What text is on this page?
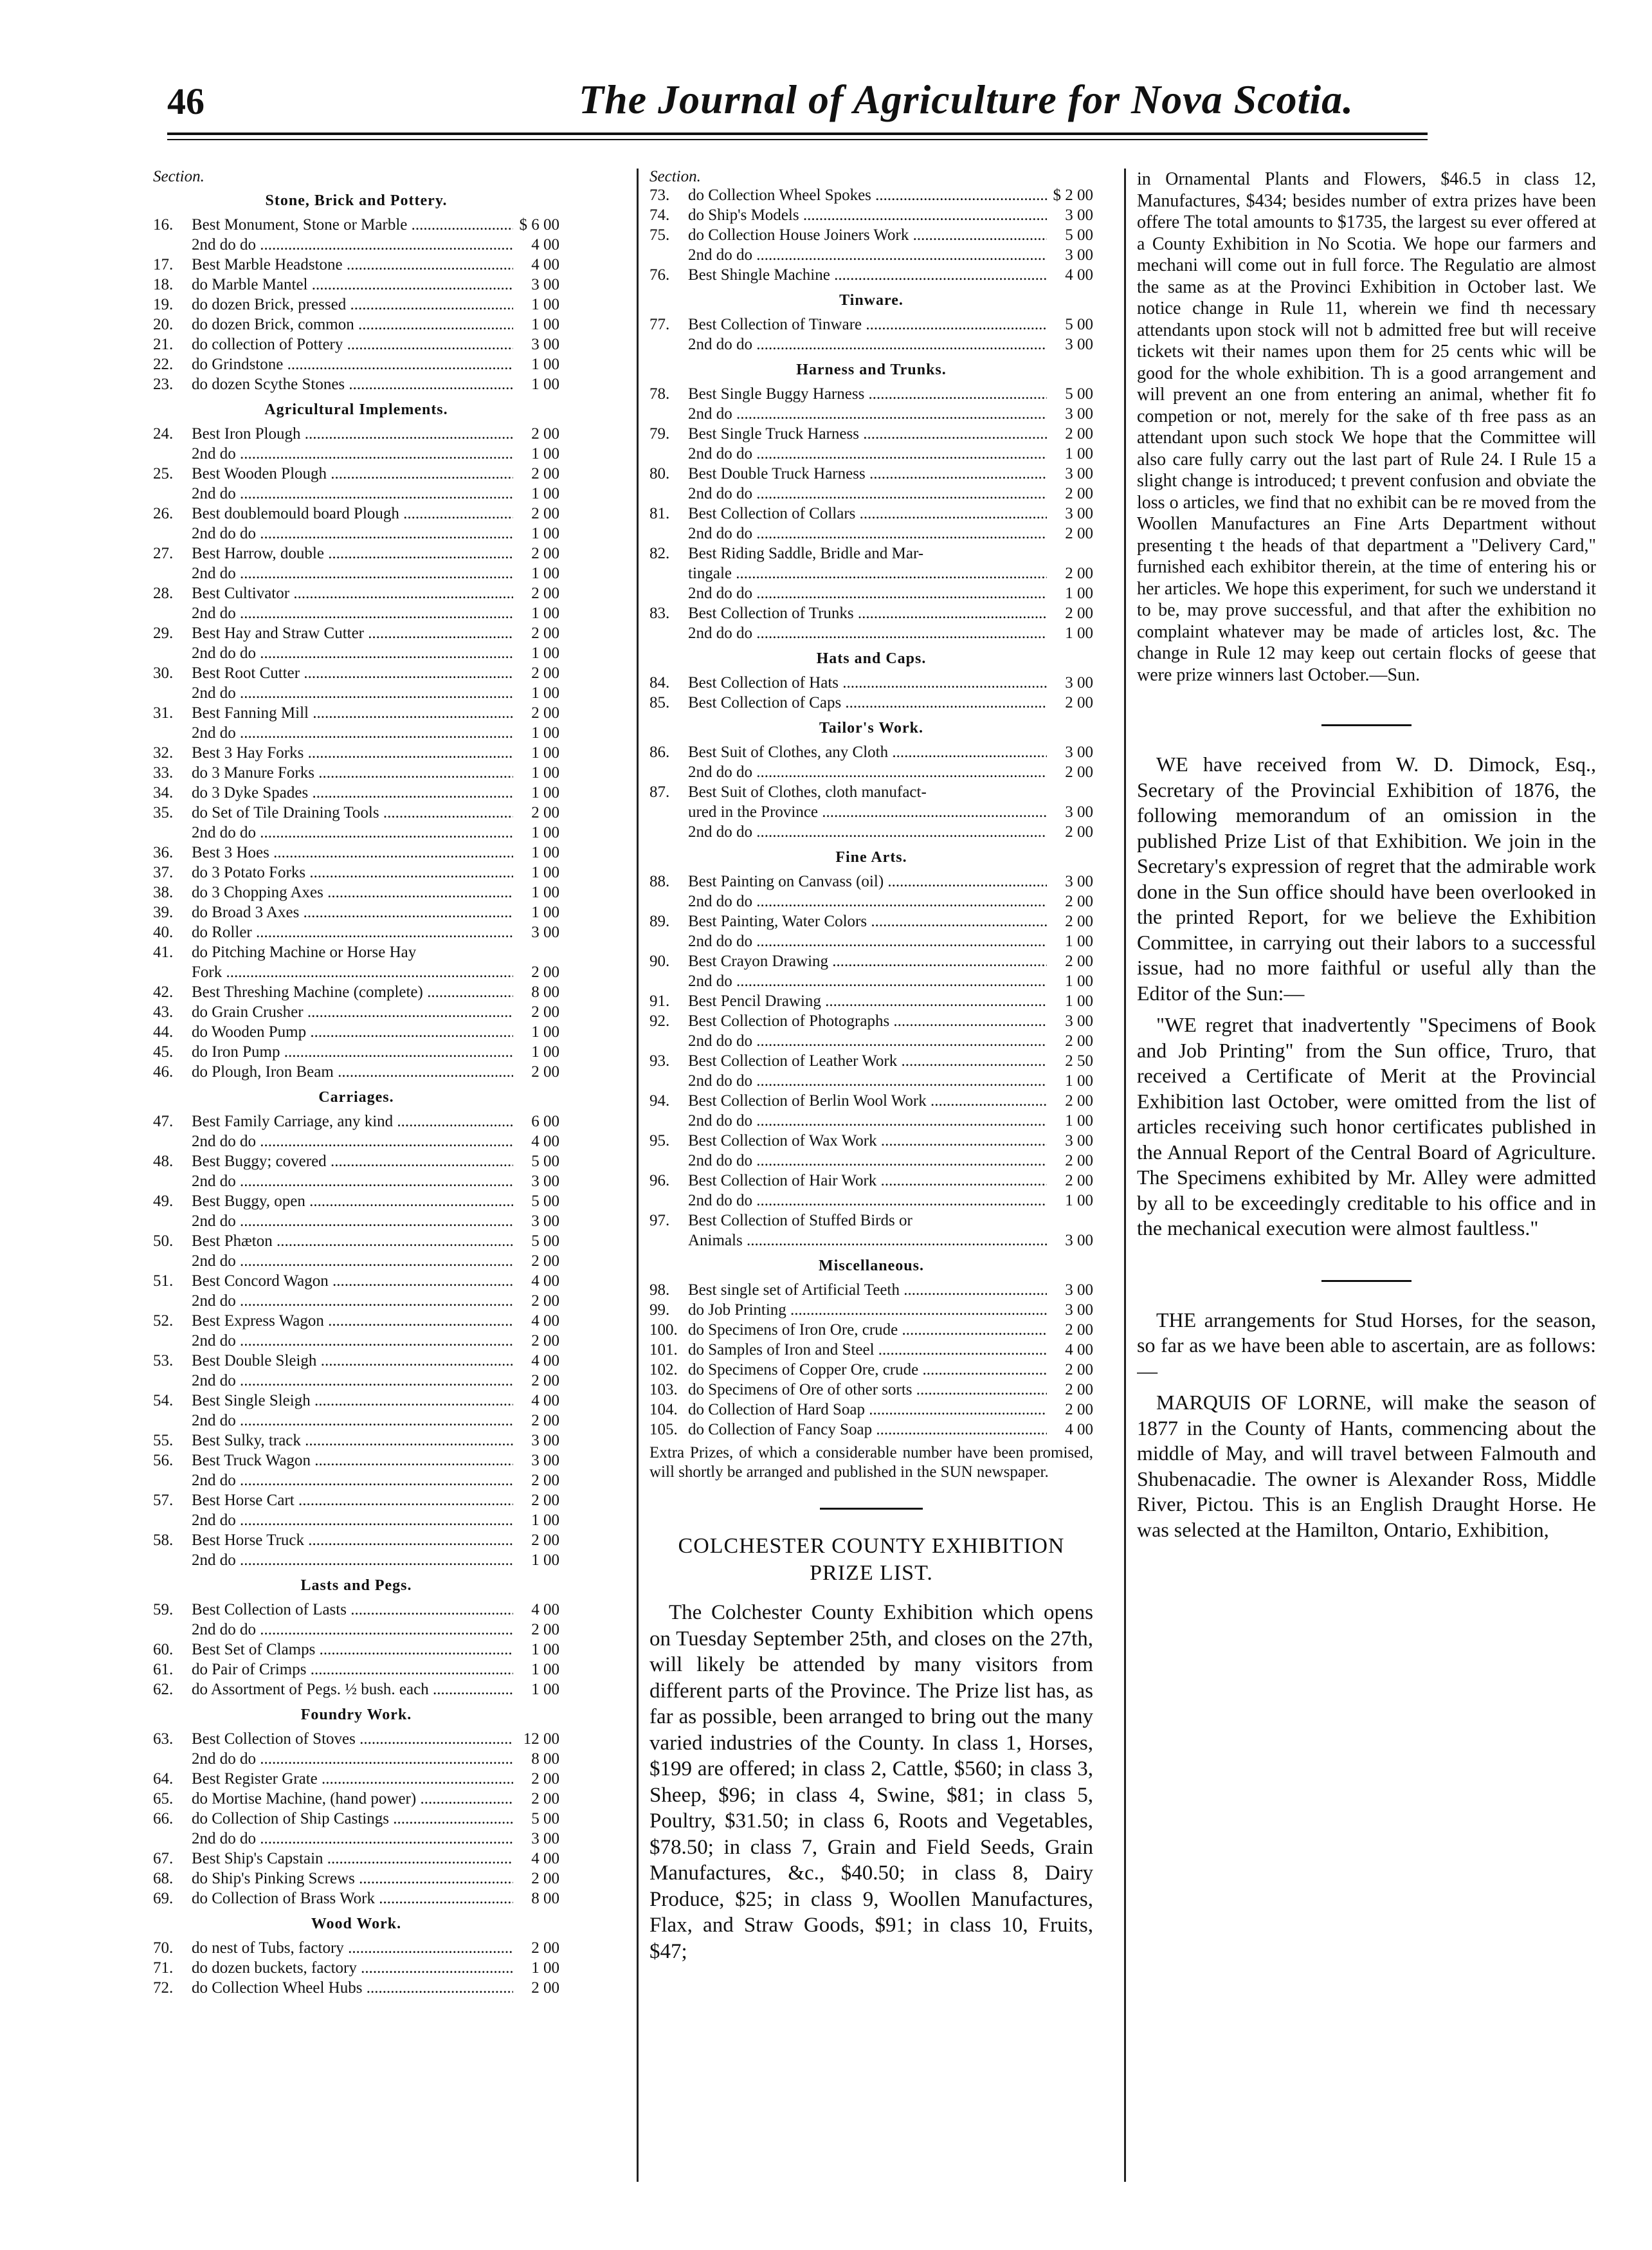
46	The Journal of Agriculture for Nova Scotia.
Section.
Stone, Brick and Pottery.
16.	Best Monument, Stone or Marble .....	$ 6 00
2nd do do .....	4 00
17.	Best Marble Headstone .....	4 00
18.	do Marble Mantel .....	3 00
19.	do dozen Brick, pressed .....	1 00
20.	do dozen Brick, common .....	1 00
21.	do collection of Pottery .....	3 00
22.	do Grindstone .....	1 00
23.	do dozen Scythe Stones .....	1 00
Agricultural Implements.
24.	Best Iron Plough .....	2 00
2nd do .....	1 00
25.	Best Wooden Plough .....	2 00
2nd do .....	1 00
26.	Best doublemould board Plough .....	2 00
2nd do do .....	1 00
27.	Best Harrow, double .....	2 00
2nd do .....	1 00
28.	Best Cultivator .....	2 00
2nd do .....	1 00
29.	Best Hay and Straw Cutter .....	2 00
2nd do do .....	1 00
30.	Best Root Cutter .....	2 00
2nd do .....	1 00
31.	Best Fanning Mill .....	2 00
2nd do .....	1 00
32.	Best 3 Hay Forks .....	1 00
33.	do 3 Manure Forks .....	1 00
34.	do 3 Dyke Spades .....	1 00
35.	do Set of Tile Draining Tools .....	2 00
2nd do do .....	1 00
36.	Best 3 Hoes .....	1 00
37.	do 3 Potato Forks .....	1 00
38.	do 3 Chopping Axes .....	1 00
39.	do Broad 3 Axes .....	1 00
40.	do Roller .....	3 00
41.	do Pitching Machine or Horse Hay
Fork .....	2 00
42.	Best Threshing Machine (complete) .....	8 00
43.	do Grain Crusher .....	2 00
44.	do Wooden Pump .....	1 00
45.	do Iron Pump .....	1 00
46.	do Plough, Iron Beam .....	2 00
Carriages.
47.	Best Family Carriage, any kind .....	6 00
2nd do do .....	4 00
48.	Best Buggy; covered .....	5 00
2nd do .....	3 00
49.	Best Buggy, open .....	5 00
2nd do .....	3 00
50.	Best Phæton .....	5 00
2nd do .....	2 00
51.	Best Concord Wagon .....	4 00
2nd do .....	2 00
52.	Best Express Wagon .....	4 00
2nd do .....	2 00
53.	Best Double Sleigh .....	4 00
2nd do .....	2 00
54.	Best Single Sleigh .....	4 00
2nd do .....	2 00
55.	Best Sulky, track .....	3 00
56.	Best Truck Wagon .....	3 00
2nd do .....	2 00
57.	Best Horse Cart .....	2 00
2nd do .....	1 00
58.	Best Horse Truck .....	2 00
2nd do .....	1 00
Lasts and Pegs.
59.	Best Collection of Lasts .....	4 00
2nd do do .....	2 00
60.	Best Set of Clamps .....	1 00
61.	do Pair of Crimps .....	1 00
62.	do Assortment of Pegs. ½ bush. each .....	1 00
Foundry Work.
63.	Best Collection of Stoves .....	12 00
2nd do do .....	8 00
64.	Best Register Grate .....	2 00
65.	do Mortise Machine, (hand power) .....	2 00
66.	do Collection of Ship Castings .....	5 00
2nd do do .....	3 00
67.	Best Ship's Capstain .....	4 00
68.	do Ship's Pinking Screws .....	2 00
69.	do Collection of Brass Work .....	8 00
Wood Work.
70.	do nest of Tubs, factory .....	2 00
71.	do dozen buckets, factory .....	1 00
72.	do Collection Wheel Hubs .....	2 00
Section.
73.	do Collection Wheel Spokes .....	$ 2 00
74.	do Ship's Models .....	3 00
75.	do Collection House Joiners Work .....	5 00
2nd do do .....	3 00
76.	Best Shingle Machine .....	4 00
Tinware.
77.	Best Collection of Tinware .....	5 00
2nd do do .....	3 00
Harness and Trunks.
78.	Best Single Buggy Harness .....	5 00
2nd do .....	3 00
79.	Best Single Truck Harness .....	2 00
2nd do do .....	1 00
80.	Best Double Truck Harness .....	3 00
2nd do do .....	2 00
81.	Best Collection of Collars .....	3 00
2nd do do .....	2 00
82.	Best Riding Saddle, Bridle and Mar-
tingale .....	2 00
2nd do do .....	1 00
83.	Best Collection of Trunks .....	2 00
2nd do do .....	1 00
Hats and Caps.
84.	Best Collection of Hats .....	3 00
85.	Best Collection of Caps .....	2 00
Tailor's Work.
86.	Best Suit of Clothes, any Cloth .....	3 00
2nd do do .....	2 00
87.	Best Suit of Clothes, cloth manufact-
ured in the Province .....	3 00
2nd do do .....	2 00
Fine Arts.
88.	Best Painting on Canvass (oil) .....	3 00
2nd do do .....	2 00
89.	Best Painting, Water Colors .....	2 00
2nd do do .....	1 00
90.	Best Crayon Drawing .....	2 00
2nd do .....	1 00
91.	Best Pencil Drawing .....	1 00
92.	Best Collection of Photographs .....	3 00
2nd do do .....	2 00
93.	Best Collection of Leather Work .....	2 50
2nd do do .....	1 00
94.	Best Collection of Berlin Wool Work .....	2 00
2nd do do .....	1 00
95.	Best Collection of Wax Work .....	3 00
2nd do do .....	2 00
96.	Best Collection of Hair Work .....	2 00
2nd do do .....	1 00
97.	Best Collection of Stuffed Birds or
Animals .....	3 00
Miscellaneous.
98.	Best single set of Artificial Teeth .....	3 00
99.	do Job Printing .....	3 00
100. do Specimens of Iron Ore, crude .....	2 00
101. do Samples of Iron and Steel .....	4 00
102. do Specimens of Copper Ore, crude .....	2 00
103. do Specimens of Ore of other sorts .....	2 00
104. do Collection of Hard Soap .....	2 00
105. do Collection of Fancy Soap .....	4 00

Extra Prizes, of which a considerable number have been promised, will shortly be arranged and published in the SUN newspaper.

COLCHESTER COUNTY EXHIBITION PRIZE LIST.

The Colchester County Exhibition which opens on Tuesday September 25th, and closes on the 27th, will likely be attended by many visitors from different parts of the Province. The Prize list has, as far as possible, been arranged to bring out the many varied industries of the County. In class 1, Horses, $199 are offered; in class 2, Cattle, $560; in class 3, Sheep, $96; in class 4, Swine, $81; in class 5, Poultry, $31.50; in class 6, Roots and Vegetables, $78.50; in class 7, Grain and Field Seeds, Grain Manufactures, &c., $40.50; in class 8, Dairy Produce, $25; in class 9, Woollen Manufactures, Flax, and Straw Goods, $91; in class 10, Fruits, $47;

in Ornamental Plants and Flowers, $46.5 in class 12, Manufactures, $434; besides number of extra prizes have been offere The total amounts to $1735, the largest su ever offered at a County Exhibition in No Scotia. We hope our farmers and mechani will come out in full force. The Regulatio are almost the same as at the Provinci Exhibition in October last. We notice change in Rule 11, wherein we find th necessary attendants upon stock will not b admitted free but will receive tickets wit their names upon them for 25 cents whic will be good for the whole exhibition. Th is a good arrangement and will prevent an one from entering an animal, whether fit fo competion or not, merely for the sake of th free pass as an attendant upon such stock We hope that the Committee will also care fully carry out the last part of Rule 24. I Rule 15 a slight change is introduced; t prevent confusion and obviate the loss o articles, we find that no exhibit can be re moved from the Woollen Manufactures an Fine Arts Department without presenting t the heads of that department a "Delivery Card," furnished each exhibitor therein, at the time of entering his or her articles. We hope this experiment, for such we understand it to be, may prove successful, and that after the exhibition no complaint whatever may be made of articles lost, &c. The change in Rule 12 may keep out certain flocks of geese that were prize winners last October.—Sun.

WE have received from W. D. Dimock, Esq., Secretary of the Provincial Exhibition of 1876, the following memorandum of an omission in the published Prize List of that Exhibition. We join in the Secretary's expression of regret that the admirable work done in the Sun office should have been overlooked in the printed Report, for we believe the Exhibition Committee, in carrying out their labors to a successful issue, had no more faithful or useful ally than the Editor of the Sun:—

"WE regret that inadvertently "Specimens of Book and Job Printing" from the Sun office, Truro, that received a Certificate of Merit at the Provincial Exhibition last October, were omitted from the list of articles receiving such honor certificates published in the Annual Report of the Central Board of Agriculture. The Specimens exhibited by Mr. Alley were admitted by all to be exceedingly creditable to his office and in the mechanical execution were almost faultless."

THE arrangements for Stud Horses, for the season, so far as we have been able to ascertain, are as follows:—

MARQUIS OF LORNE, will make the season of 1877 in the County of Hants, commencing about the middle of May, and will travel between Falmouth and Shubenacadie. The owner is Alexander Ross, Middle River, Pictou. This is an English Draught Horse. He was selected at the Hamilton, Ontario, Exhibition,
